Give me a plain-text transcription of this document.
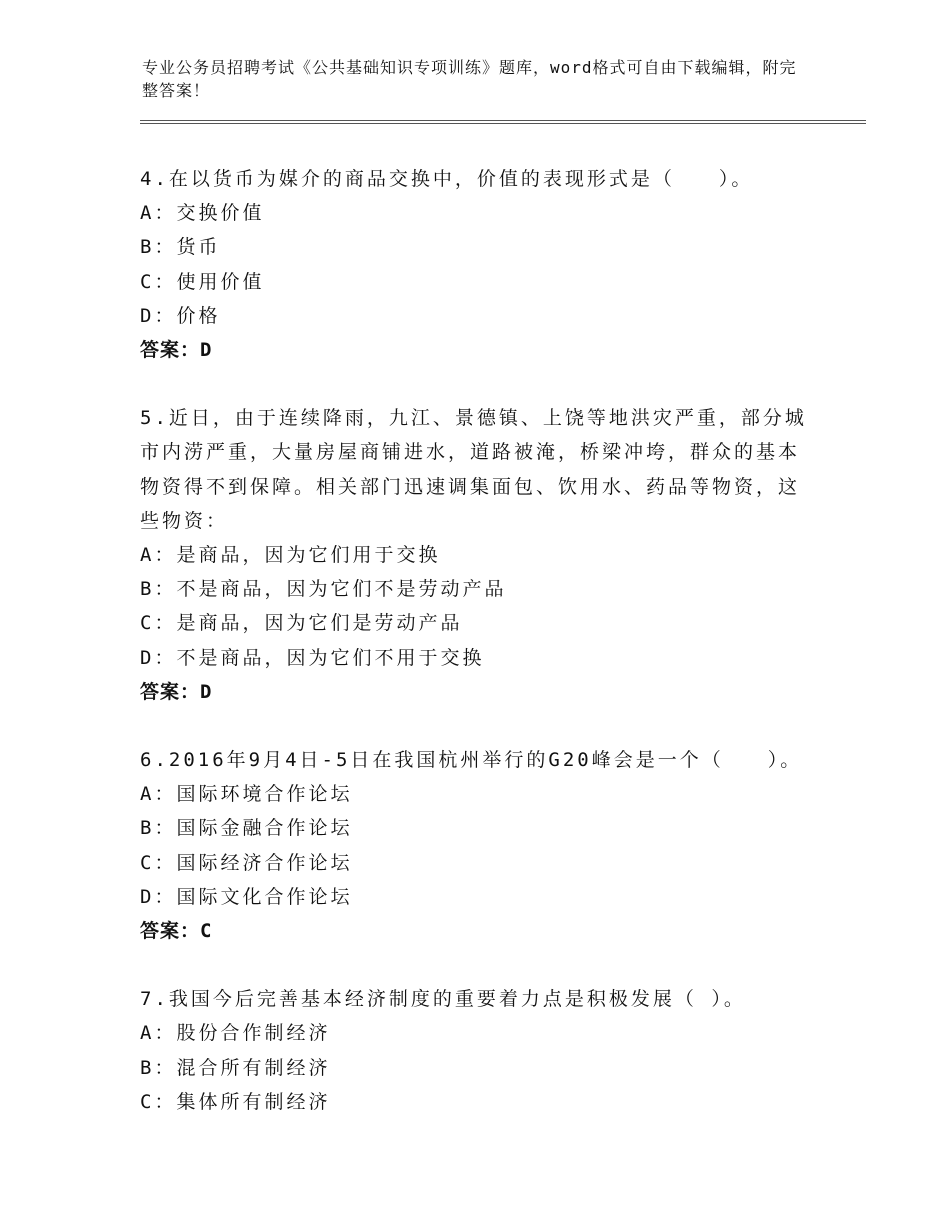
专业公务员招聘考试《公共基础知识专项训练》题库，word格式可自由下载编辑，附完整答案！
4.在以货币为媒介的商品交换中，价值的表现形式是（　　）。
A：交换价值
B：货币
C：使用价值
D：价格
答案：D
5.近日，由于连续降雨，九江、景德镇、上饶等地洪灾严重，部分城
市内涝严重，大量房屋商铺进水，道路被淹，桥梁冲垮，群众的基本
物资得不到保障。相关部门迅速调集面包、饮用水、药品等物资，这
些物资：
A：是商品，因为它们用于交换
B：不是商品，因为它们不是劳动产品
C：是商品，因为它们是劳动产品
D：不是商品，因为它们不用于交换
答案：D
6.2016年9月4日-5日在我国杭州举行的G20峰会是一个（　　）。
A：国际环境合作论坛
B：国际金融合作论坛
C：国际经济合作论坛
D：国际文化合作论坛
答案：C
7.我国今后完善基本经济制度的重要着力点是积极发展（ ）。
A：股份合作制经济
B：混合所有制经济
C：集体所有制经济
